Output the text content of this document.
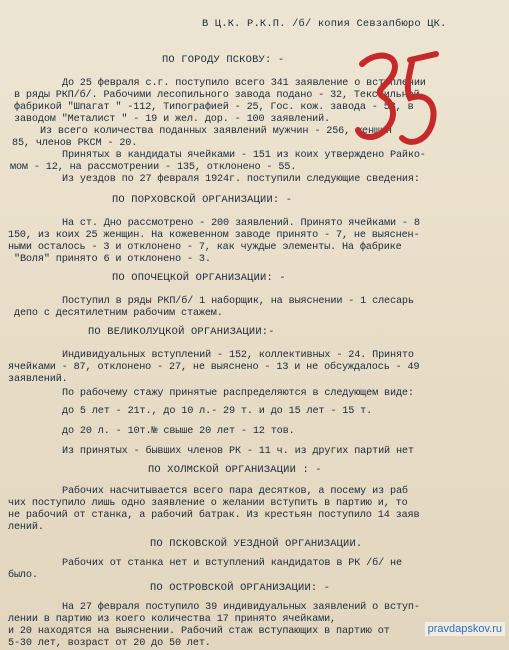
В Ц.К. Р.К.П. /б/ копия Севзапбюро ЦК.
ПО ГОРОДУ ПСКОВУ: -
До 25 февраля с.г. поступило всего 341 заявление о вступлении
в ряды РКП/б/. Рабочими лесопильного завода подано - 32, Текстильной
фабрикой "Шпагат " -112, Типографией - 25, Гос. кож. завода - 53, в
заводом "Металист " - 19 и жел. дор. - 100 заявлений.
Из всего количества поданных заявлений мужчин - 256, женщин
85, членов РКСМ - 20.
Принятых в кандидаты ячейками - 151 из коих утверждено Райко-
мом - 12, на рассмотрении - 135, отклонено - 55.
Из уездов по 27 февраля 1924г. поступили следующие сведения:
ПО ПОРХОВСКОЙ ОРГАНИЗАЦИИ: -
На ст. Дно рассмотрено - 200 заявлений. Принято ячейками - 8
150, из коих 25 женщин. На кожевенном заводе принято - 7, не выяснен-
ными осталось - 3 и отклонено - 7, как чуждые элементы. На фабрике
"Воля" принято 6 и отклонено - 3.
ПО ОПОЧЕЦКОЙ ОРГАНИЗАЦИИ: -
Поступил в ряды РКП/б/ 1 наборщик, на выяснении - 1 слесарь
депо с десятилетним рабочим стажем.
ПО ВЕЛИКОЛУЦКОЙ ОРГАНИЗАЦИИ:-
Индивидуальных вступлений - 152, коллективных - 24. Принято
ячейками - 87, отклонено - 27, не выяснено - 13 и не обсуждалось - 49
заявлений.
По рабочему стажу принятые распределяются в следующем виде:
до 5 лет - 21т., до 10 л.- 29 т. и до 15 лет - 15 т.
до 20 л. - 10т.№ свыше 20 лет - 12 тов.
Из принятых - бывших членов РК - 11 ч. из других партий нет
ПО ХОЛМСКОЙ ОРГАНИЗАЦИИ : -
Рабочих насчитывается всего пара десятков, а посему из раб
чих поступило лишь одно заявление о желании вступить в партию и, то
не рабочий от станка, а рабочий батрак. Из крестьян поступило 14 заяв
лений.
ПО ПСКОВСКОЙ УЕЗДНОЙ ОРГАНИЗАЦИИ.
Рабочих от станка нет и вступлений кандидатов в РК /б/ не
было.
ПО ОСТРОВСКОЙ ОРГАНИЗАЦИИ: -
На 27 февраля поступило 39 индивидуальных заявлений о вступ-
лении в партию из коего количества 17 принято ячейками,
и 20 находятся на выяснении. Рабочий стаж вступающих в партию от
5-30 лет, возраст от 20 до 50 лет.
pravdapskov.ru
